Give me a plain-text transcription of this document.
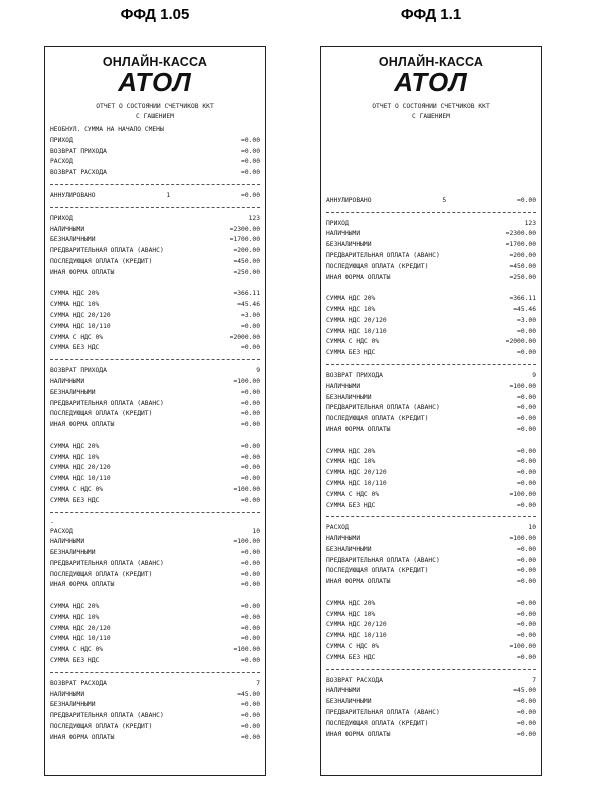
ФФД 1.05	ФФД 1.1
ОНЛАЙН-КАССА
АТОЛ
ОТЧЕТ О СОСТОЯНИИ СЧЕТЧИКОВ ККТ
С ГАШЕНИЕМ
НЕОБНУЛ. СУММА НА НАЧАЛО СМЕНЫ
ПРИХОД	=0.00
ВОЗВРАТ ПРИХОДА	=0.00
РАСХОД	=0.00
ВОЗВРАТ РАСХОДА	=0.00
АННУЛИРОВАНО	1	=0.00
ПРИХОД	123
НАЛИЧНЫМИ	=2300.00
БЕЗНАЛИЧНЫМИ	=1700.00
ПРЕДВАРИТЕЛЬНАЯ ОПЛАТА (АВАНС)	=200.00
ПОСЛЕДУЮЩАЯ ОПЛАТА (КРЕДИТ)	=450.00
ИНАЯ ФОРМА ОПЛАТЫ	=250.00
СУММА НДС 20%	=366.11
СУММА НДС 10%	=45.46
СУММА НДС 20/120	=3.00
СУММА НДС 10/110	=0.00
СУММА С НДС 0%	=2000.00
СУММА БЕЗ НДС	=0.00
ВОЗВРАТ ПРИХОДА	9
НАЛИЧНЫМИ	=100.00
БЕЗНАЛИЧНЫМИ	=0.00
ПРЕДВАРИТЕЛЬНАЯ ОПЛАТА (АВАНС)	=0.00
ПОСЛЕДУЮЩАЯ ОПЛАТА (КРЕДИТ)	=0.00
ИНАЯ ФОРМА ОПЛАТЫ	=0.00
СУММА НДС 20%	=0.00
СУММА НДС 10%	=0.00
СУММА НДС 20/120	=0.00
СУММА НДС 10/110	=0.00
СУММА С НДС 0%	=100.00
СУММА БЕЗ НДС	=0.00
-
РАСХОД	10
НАЛИЧНЫМИ	=100.00
БЕЗНАЛИЧНЫМИ	=0.00
ПРЕДВАРИТЕЛЬНАЯ ОПЛАТА (АВАНС)	=0.00
ПОСЛЕДУЮЩАЯ ОПЛАТА (КРЕДИТ)	=0.00
ИНАЯ ФОРМА ОПЛАТЫ	=0.00
СУММА НДС 20%	=0.00
СУММА НДС 10%	=0.00
СУММА НДС 20/120	=0.00
СУММА НДС 10/110	=0.00
СУММА С НДС 0%	=100.00
СУММА БЕЗ НДС	=0.00
ВОЗВРАТ РАСХОДА	7
НАЛИЧНЫМИ	=45.00
БЕЗНАЛИЧНЫМИ	=0.00
ПРЕДВАРИТЕЛЬНАЯ ОПЛАТА (АВАНС)	=0.00
ПОСЛЕДУЮЩАЯ ОПЛАТА (КРЕДИТ)	=0.00
ИНАЯ ФОРМА ОПЛАТЫ	=0.00
ОНЛАЙН-КАССА
АТОЛ
ОТЧЕТ О СОСТОЯНИИ СЧЕТЧИКОВ ККТ
С ГАШЕНИЕМ
АННУЛИРОВАНО	5	=0.00
ПРИХОД	123
НАЛИЧНЫМИ	=2300.00
БЕЗНАЛИЧНЫМИ	=1700.00
ПРЕДВАРИТЕЛЬНАЯ ОПЛАТА (АВАНС)	=200.00
ПОСЛЕДУЮЩАЯ ОПЛАТА (КРЕДИТ)	=450.00
ИНАЯ ФОРМА ОПЛАТЫ	=250.00
СУММА НДС 20%	=366.11
СУММА НДС 10%	=45.46
СУММА НДС 20/120	=3.00
СУММА НДС 10/110	=0.00
СУММА С НДС 0%	=2000.00
СУММА БЕЗ НДС	=0.00
ВОЗВРАТ ПРИХОДА	9
НАЛИЧНЫМИ	=100.00
БЕЗНАЛИЧНЫМИ	=0.00
ПРЕДВАРИТЕЛЬНАЯ ОПЛАТА (АВАНС)	=0.00
ПОСЛЕДУЮЩАЯ ОПЛАТА (КРЕДИТ)	=0.00
ИНАЯ ФОРМА ОПЛАТЫ	=0.00
СУММА НДС 20%	=0.00
СУММА НДС 10%	=0.00
СУММА НДС 20/120	=0.00
СУММА НДС 10/110	=0.00
СУММА С НДС 0%	=100.00
СУММА БЕЗ НДС	=0.00
РАСХОД	10
НАЛИЧНЫМИ	=100.00
БЕЗНАЛИЧНЫМИ	=0.00
ПРЕДВАРИТЕЛЬНАЯ ОПЛАТА (АВАНС)	=0.00
ПОСЛЕДУЮЩАЯ ОПЛАТА (КРЕДИТ)	=0.00
ИНАЯ ФОРМА ОПЛАТЫ	=0.00
СУММА НДС 20%	=0.00
СУММА НДС 10%	=0.00
СУММА НДС 20/120	=0.00
СУММА НДС 10/110	=0.00
СУММА С НДС 0%	=100.00
СУММА БЕЗ НДС	=0.00
ВОЗВРАТ РАСХОДА	7
НАЛИЧНЫМИ	=45.00
БЕЗНАЛИЧНЫМИ	=0.00
ПРЕДВАРИТЕЛЬНАЯ ОПЛАТА (АВАНС)	=0.00
ПОСЛЕДУЮЩАЯ ОПЛАТА (КРЕДИТ)	=0.00
ИНАЯ ФОРМА ОПЛАТЫ	=0.00
